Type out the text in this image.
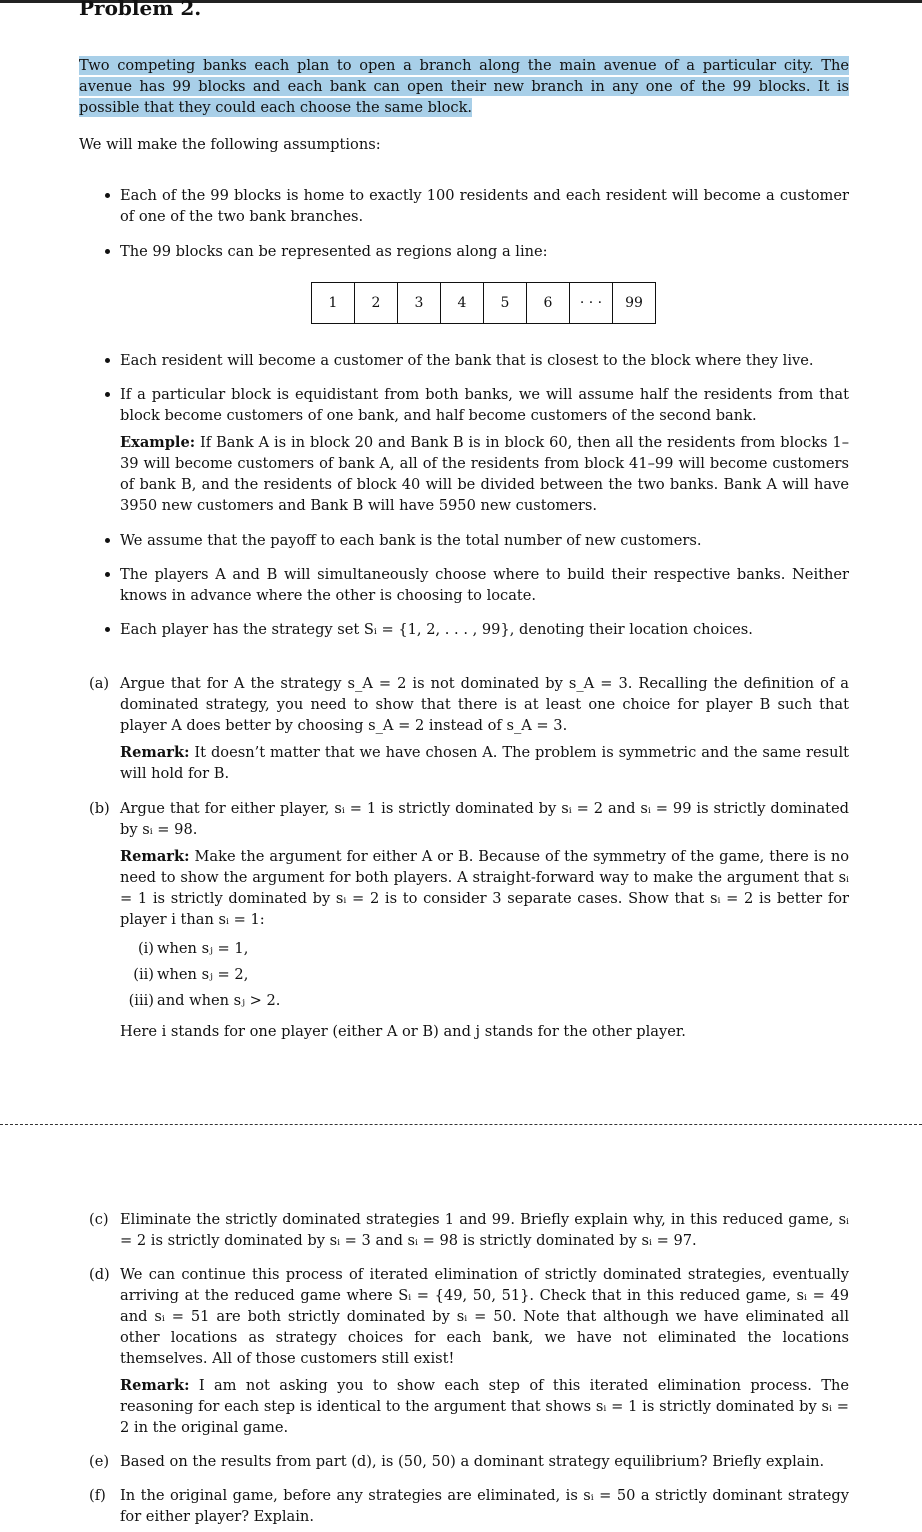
Problem 2.

Two competing banks each plan to open a branch along the main avenue of a particular city. The avenue has 99 blocks and each bank can open their new branch in any one of the 99 blocks. It is possible that they could each choose the same block.

We will make the following assumptions:

Each of the 99 blocks is home to exactly 100 residents and each resident will become a customer of one of the two bank branches.

The 99 blocks can be represented as regions along a line:

1	2	3	4	5	6	· · ·	99

Each resident will become a customer of the bank that is closest to the block where they live.

If a particular block is equidistant from both banks, we will assume half the residents from that block become customers of one bank, and half become customers of the second bank.

Example: If Bank A is in block 20 and Bank B is in block 60, then all the residents from blocks 1–39 will become customers of bank A, all of the residents from block 41–99 will become customers of bank B, and the residents of block 40 will be divided between the two banks. Bank A will have 3950 new customers and Bank B will have 5950 new customers.

We assume that the payoff to each bank is the total number of new customers.

The players A and B will simultaneously choose where to build their respective banks. Neither knows in advance where the other is choosing to locate.

Each player has the strategy set Sᵢ = {1, 2, . . . , 99}, denoting their location choices.

(a) Argue that for A the strategy s_A = 2 is not dominated by s_A = 3. Recalling the definition of a dominated strategy, you need to show that there is at least one choice for player B such that player A does better by choosing s_A = 2 instead of s_A = 3.

Remark: It doesn’t matter that we have chosen A. The problem is symmetric and the same result will hold for B.

(b) Argue that for either player, sᵢ = 1 is strictly dominated by sᵢ = 2 and sᵢ = 99 is strictly dominated by sᵢ = 98.

Remark: Make the argument for either A or B. Because of the symmetry of the game, there is no need to show the argument for both players. A straight-forward way to make the argument that sᵢ = 1 is strictly dominated by sᵢ = 2 is to consider 3 separate cases. Show that sᵢ = 2 is better for player i than sᵢ = 1:

(i) when sⱼ = 1,

(ii) when sⱼ = 2,

(iii) and when sⱼ > 2.

Here i stands for one player (either A or B) and j stands for the other player.

(c) Eliminate the strictly dominated strategies 1 and 99. Briefly explain why, in this reduced game, sᵢ = 2 is strictly dominated by sᵢ = 3 and sᵢ = 98 is strictly dominated by sᵢ = 97.

(d) We can continue this process of iterated elimination of strictly dominated strategies, eventually arriving at the reduced game where Sᵢ = {49, 50, 51}. Check that in this reduced game, sᵢ = 49 and sᵢ = 51 are both strictly dominated by sᵢ = 50. Note that although we have eliminated all other locations as strategy choices for each bank, we have not eliminated the locations themselves. All of those customers still exist!

Remark: I am not asking you to show each step of this iterated elimination process. The reasoning for each step is identical to the argument that shows sᵢ = 1 is strictly dominated by sᵢ = 2 in the original game.

(e) Based on the results from part (d), is (50, 50) a dominant strategy equilibrium? Briefly explain.

(f) In the original game, before any strategies are eliminated, is sᵢ = 50 a strictly dominant strategy for either player? Explain.
